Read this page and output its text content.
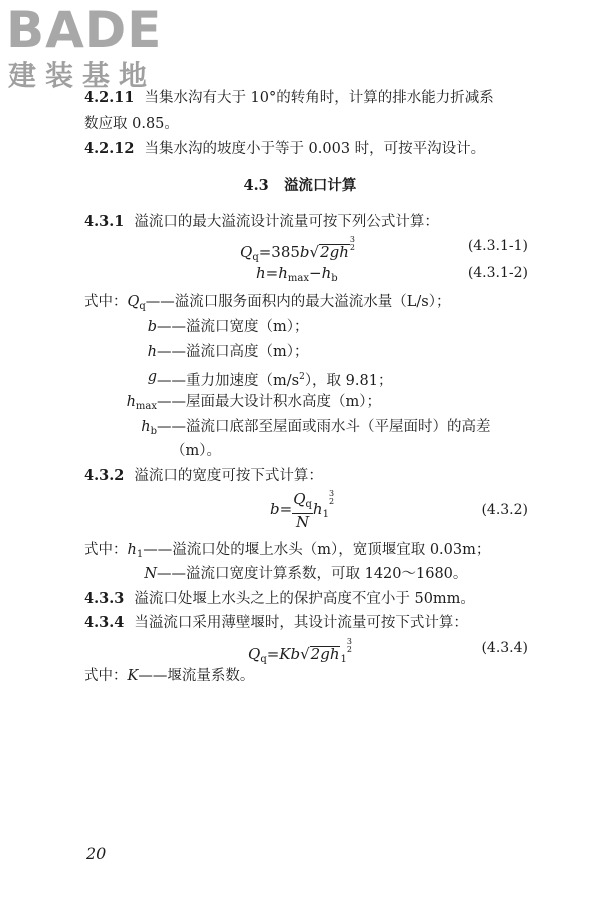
BADE
建装基地
4.2.11 当集水沟有大于 10°的转角时，计算的排水能力折减系
数应取 0.85。
4.2.12 当集水沟的坡度小于等于 0.003 时，可按平沟设计。
4.3 溢流口计算
4.3.1 溢流口的最大溢流设计流量可按下列公式计算：
$Q_q=385b√2gh3$
2	(4.3.1-1)
$h=h_{max}-h_b$	(4.3.1-2)
式中：$Q_q——$溢流口服务面积内的最大溢流水量（L/s）；
b ——溢流口宽度（m）；
h ——溢流口高度（m）；
g ——重力加速度$(m/s^2)$，取 9.81；
$h_{max}$ ——屋面最大设计积水高度（m）；
$h_b$ ——溢流口底部至屋面或雨水斗（平屋面时）的高差
（m）。
4.3.2 溢流口的宽度可按下式计算：
$b= \frac{Q_q}{N} h_13$
2
(4.3.2)
式中：$h_1——$溢流口处的堰上水头（m），宽顶堰宜取 0.03m；
N ——溢流口宽度计算系数，可取 1420～1680。
4.3.3 溢流口处堰上水头之上的保护高度不宜小于 50mm。
4.3.4 当溢流口采用薄壁堰时，其设计流量可按下式计算：
$Q_q=Kb√2gh_13$
2	(4.3.4)
式中：K——堰流量系数。
20
